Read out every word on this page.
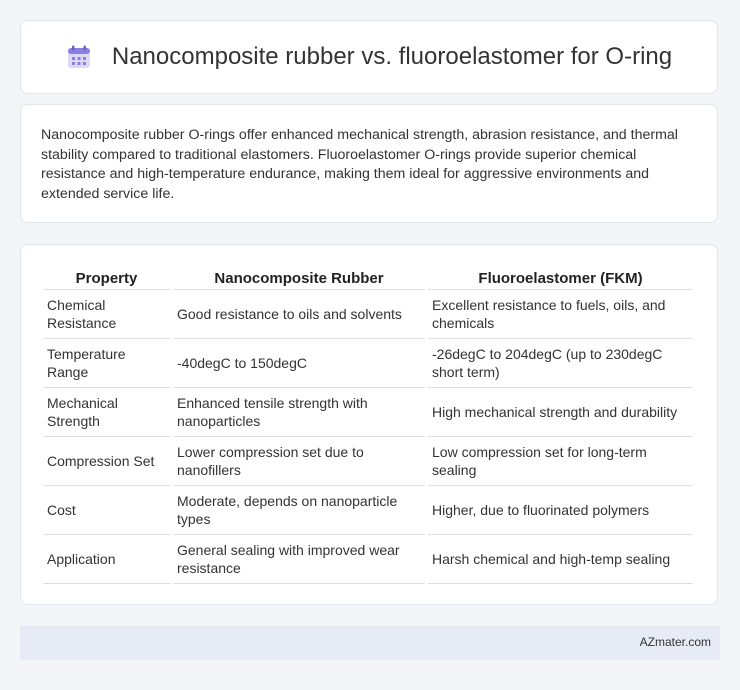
Nanocomposite rubber vs. fluoroelastomer for O-ring
Nanocomposite rubber O-rings offer enhanced mechanical strength, abrasion resistance, and thermal stability compared to traditional elastomers. Fluoroelastomer O-rings provide superior chemical resistance and high-temperature endurance, making them ideal for aggressive environments and extended service life.
Property	Nanocomposite Rubber	Fluoroelastomer (FKM)
Chemical Resistance	Good resistance to oils and solvents	Excellent resistance to fuels, oils, and chemicals
Temperature Range	-40degC to 150degC	-26degC to 204degC (up to 230degC short term)
Mechanical Strength	Enhanced tensile strength with nanoparticles	High mechanical strength and durability
Compression Set	Lower compression set due to nanofillers	Low compression set for long-term sealing
Cost	Moderate, depends on nanoparticle types	Higher, due to fluorinated polymers
Application	General sealing with improved wear resistance	Harsh chemical and high-temp sealing
AZmater.com
